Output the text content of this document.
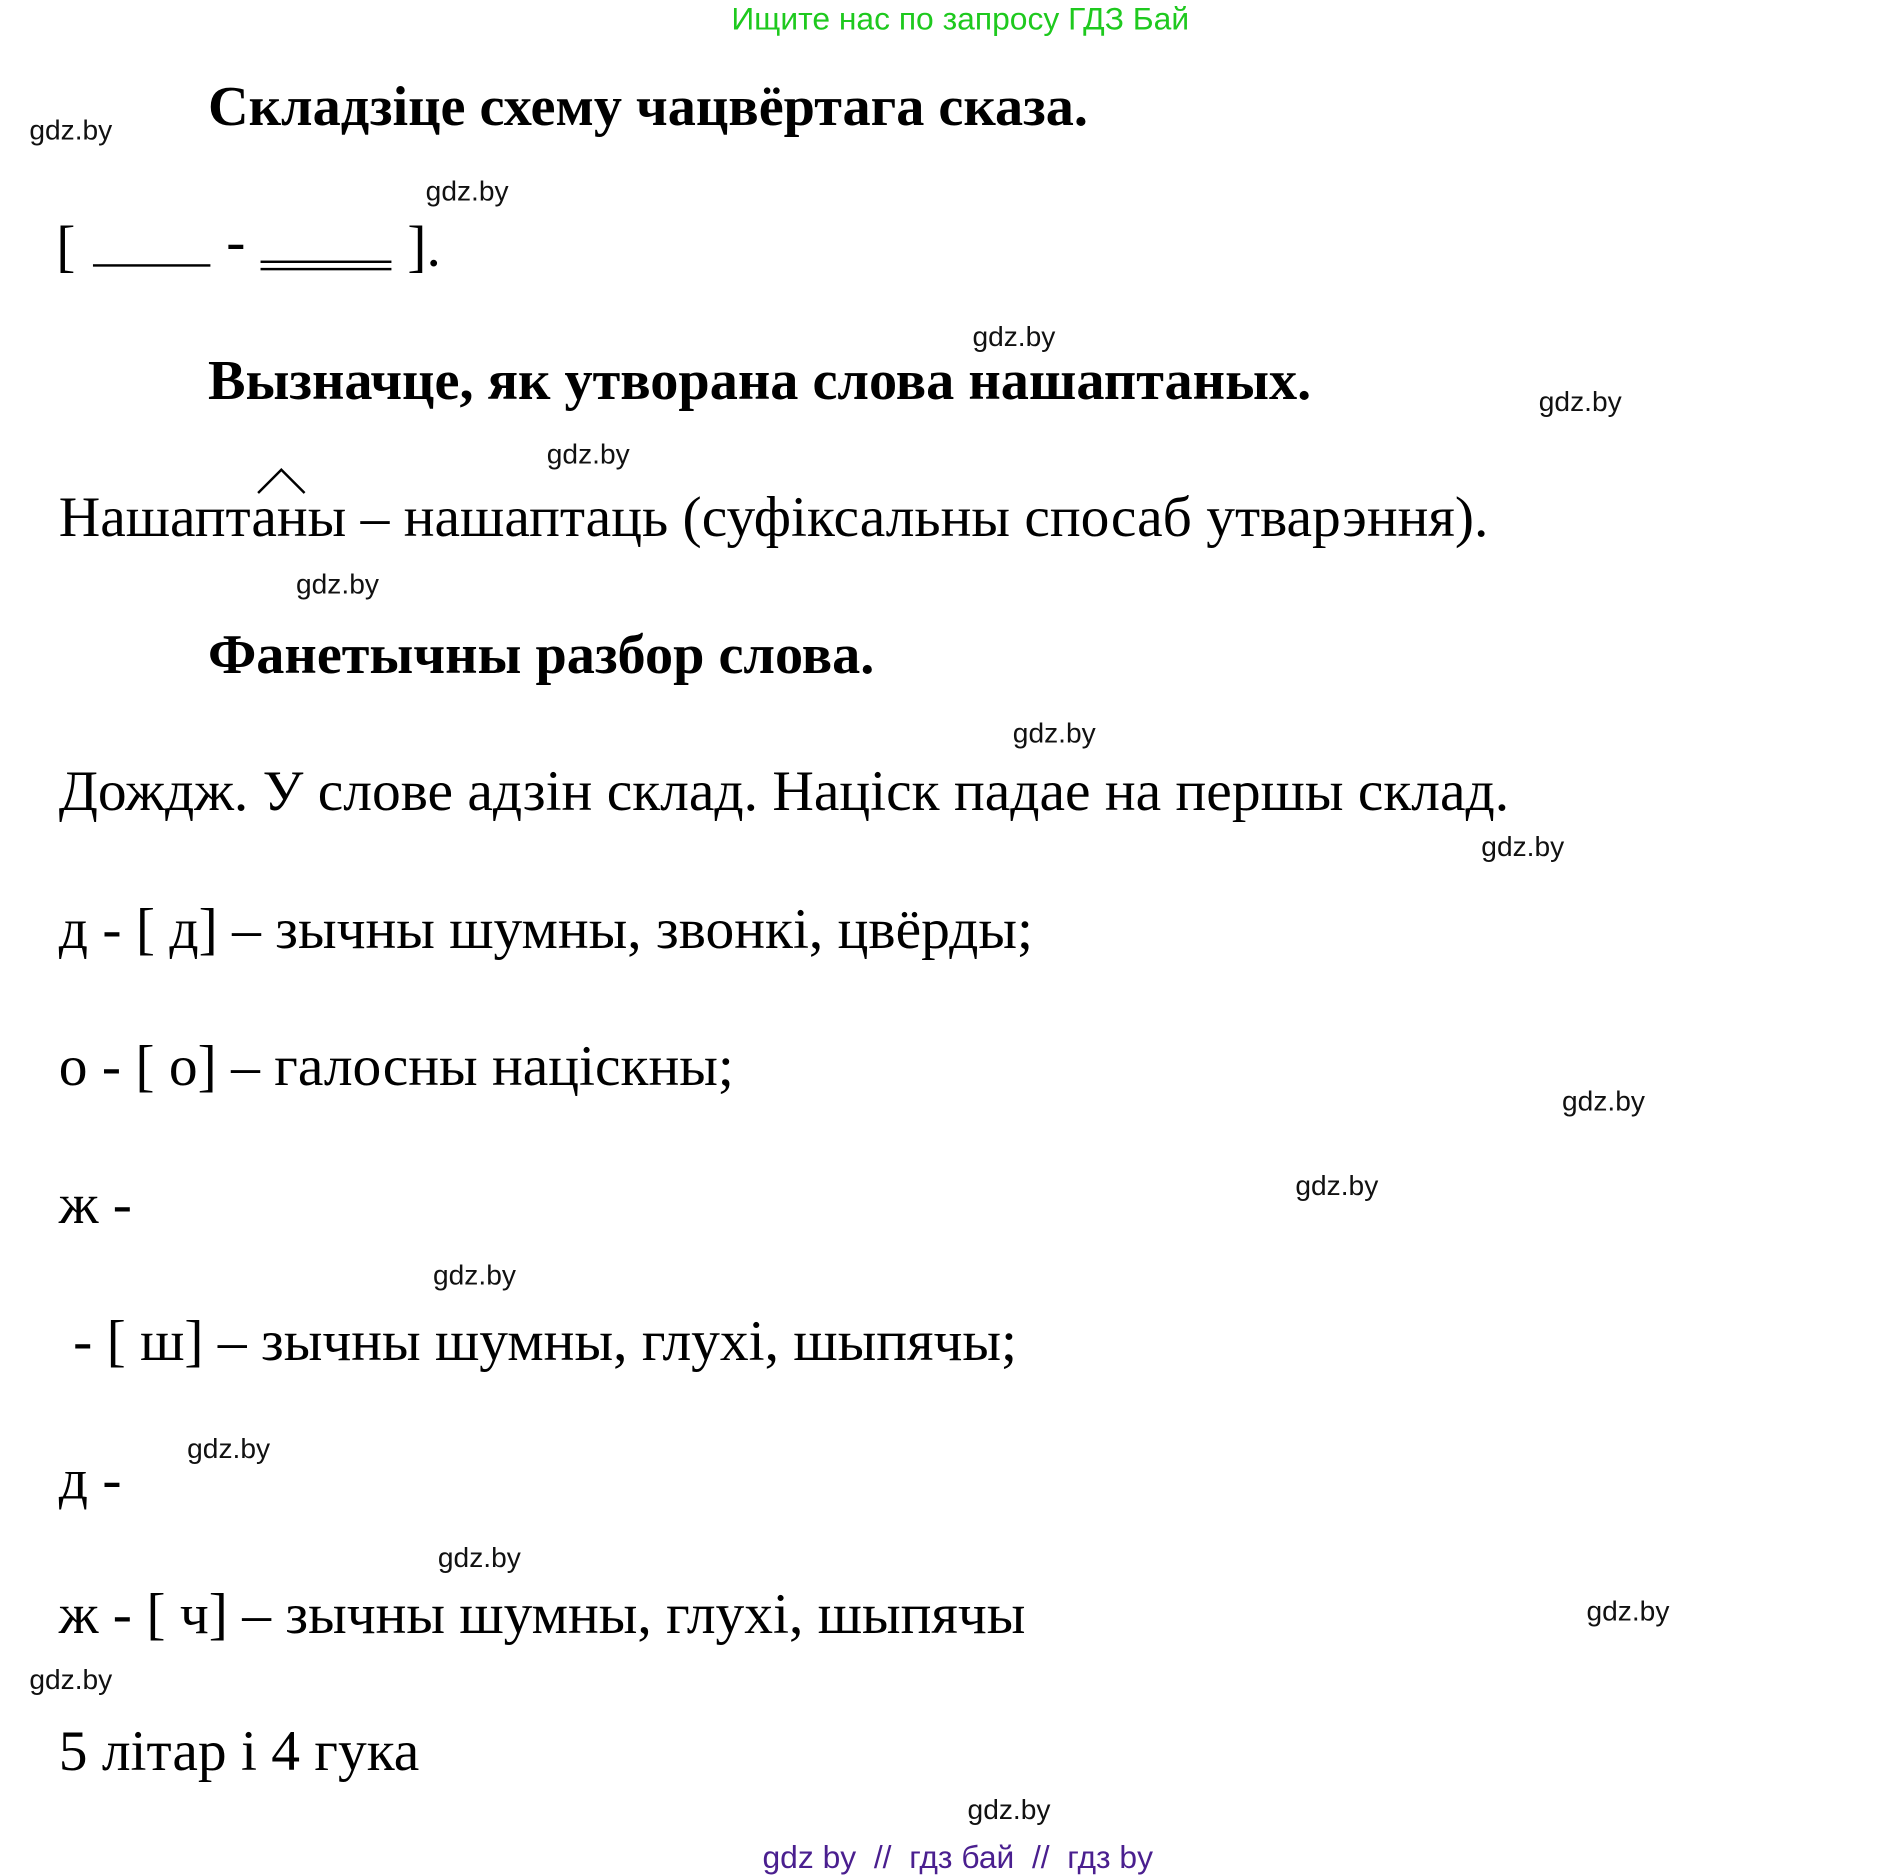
Ищите нас по запросу ГДЗ Бай
Складзіце схему чацвёртага сказа.
[	-	].
Вызначце, як утворана слова нашаптаных.
Нашаптаны – нашаптаць (суфіксальны спосаб утварэння).
Фанетычны разбор слова.
Дождж. У слове адзін склад. Націск падае на першы склад.
д - [ д] – зычны шумны, звонкі, цвёрды;
о - [ о] – галосны націскны;
ж -
- [ ш] – зычны шумны, глухі, шыпячы;
д -
ж - [ ч] – зычны шумны, глухі, шыпячы
5 літар і 4 гука
gdz.by
gdz.by
gdz.by
gdz.by
gdz.by
gdz.by
gdz.by
gdz.by
gdz.by
gdz.by
gdz.by
gdz.by
gdz.by
gdz.by
gdz.by
gdz.by
gdz by  //  гдз бай  //  гдз by
